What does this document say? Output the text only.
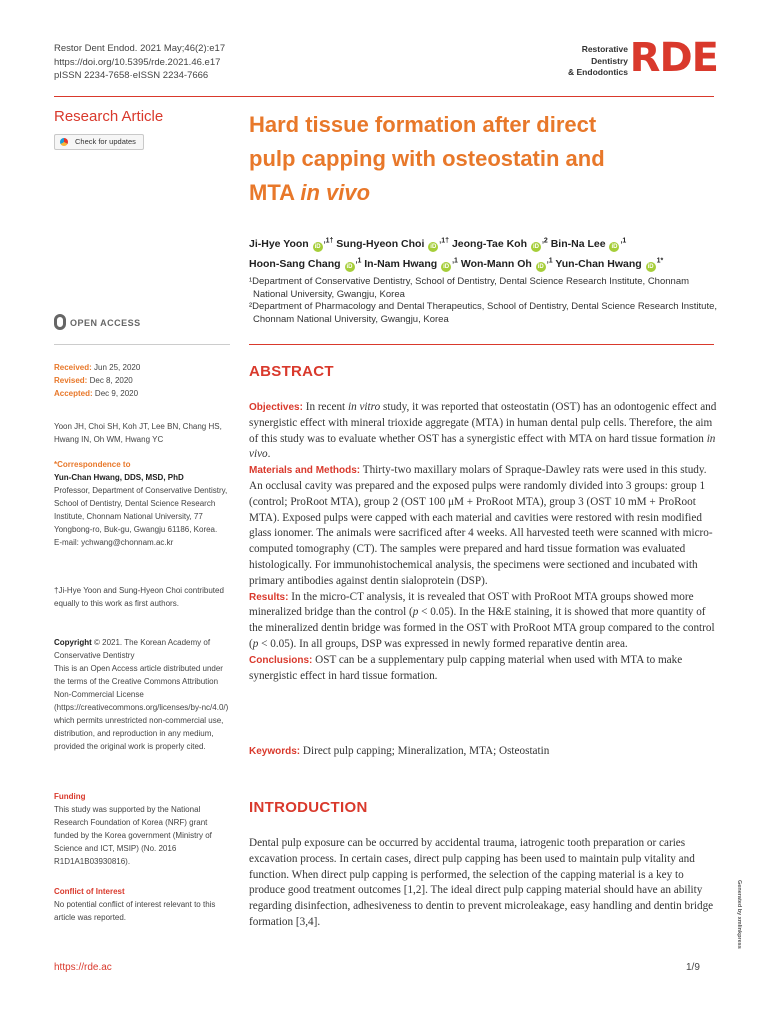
Restor Dent Endod. 2021 May;46(2):e17
https://doi.org/10.5395/rde.2021.46.e17
pISSN 2234-7658·eISSN 2234-7666
Restorative
Dentistry
& Endodontics RDE
Research Article
Check for updates
Hard tissue formation after direct
pulp capping with osteostatin and
MTA in vivo
Ji-Hye Yoon $iD^{,1\dagger}$ Sung-Hyeon Choi $iD^{,1\dagger}$ Jeong-Tae Koh $iD^{,2}$ Bin-Na Lee $iD^{,1}$
Hoon-Sang Chang $iD^{,1}$ In-Nam Hwang $iD^{,1}$ Won-Mann Oh $iD^{,1}$ Yun-Chan Hwang $iD^{1*}$

¹Department of Conservative Dentistry, School of Dentistry, Dental Science Research Institute, Chonnam National University, Gwangju, Korea

²Department of Pharmacology and Dental Therapeutics, School of Dentistry, Dental Science Research Institute, Chonnam National University, Gwangju, Korea

OPEN ACCESS
Received: Jun 25, 2020
Revised: Dec 8, 2020
Accepted: Dec 9, 2020
Yoon JH, Choi SH, Koh JT, Lee BN, Chang HS, Hwang IN, Oh WM, Hwang YC
*Correspondence to
Yun-Chan Hwang, DDS, MSD, PhD
Professor, Department of Conservative Dentistry, School of Dentistry, Dental Science Research Institute, Chonnam National University, 77 Yongbong-ro, Buk-gu, Gwangju 61186, Korea.
E-mail: ychwang@chonnam.ac.kr
†Ji-Hye Yoon and Sung-Hyeon Choi contributed equally to this work as first authors.
Copyright © 2021. The Korean Academy of Conservative Dentistry
This is an Open Access article distributed under the terms of the Creative Commons Attribution Non-Commercial License (https://creativecommons.org/licenses/by-nc/4.0/) which permits unrestricted non-commercial use, distribution, and reproduction in any medium, provided the original work is properly cited.
Funding
This study was supported by the National Research Foundation of Korea (NRF) grant funded by the Korea government (Ministry of Science and ICT, MSIP) (No. 2016 R1D1A1B03930816).
Conflict of Interest
No potential conflict of interest relevant to this article was reported.
ABSTRACT

Objectives: In recent in vitro study, it was reported that osteostatin (OST) has an odontogenic effect and synergistic effect with mineral trioxide aggregate (MTA) in human dental pulp cells. Therefore, the aim of this study was to evaluate whether OST has a synergistic effect with MTA on hard tissue formation in vivo.

Materials and Methods: Thirty-two maxillary molars of Spraque-Dawley rats were used in this study. An occlusal cavity was prepared and the exposed pulps were randomly divided into 3 groups: group 1 (control; ProRoot MTA), group 2 (OST 100 μM + ProRoot MTA), group 3 (OST 10 mM + ProRoot MTA). Exposed pulps were capped with each material and cavities were restored with resin modified glass ionomer. The animals were sacrificed after 4 weeks. All harvested teeth were scanned with micro-computed tomography (CT). The samples were prepared and hard tissue formation was evaluated histologically. For immunohistochemical analysis, the specimens were sectioned and incubated with primary antibodies against dentin sialoprotein (DSP).

Results: In the micro-CT analysis, it is revealed that OST with ProRoot MTA groups showed more mineralized bridge than the control (p < 0.05). In the H&E staining, it is showed that more quantity of the mineralized dentin bridge was formed in the OST with ProRoot MTA group compared to the control (p < 0.05). In all groups, DSP was expressed in newly formed reparative dentin area.

Conclusions: OST can be a supplementary pulp capping material when used with MTA to make synergistic effect in hard tissue formation.

Keywords: Direct pulp capping; Mineralization, MTA; Osteostatin
INTRODUCTION
Dental pulp exposure can be occurred by accidental trauma, iatrogenic tooth preparation or caries excavation process. In certain cases, direct pulp capping has been used to maintain pulp vitality and function. When direct pulp capping is performed, the selection of the capping material is a key to produce good treatment outcomes [1,2]. The ideal direct pulp capping material should have an ability regarding disinfection, adhesiveness to dentin to prevent microleakage, easy handling and dentin bridge formation [3,4].
https://rde.ac	1/9
Generated by xmlinkpress
